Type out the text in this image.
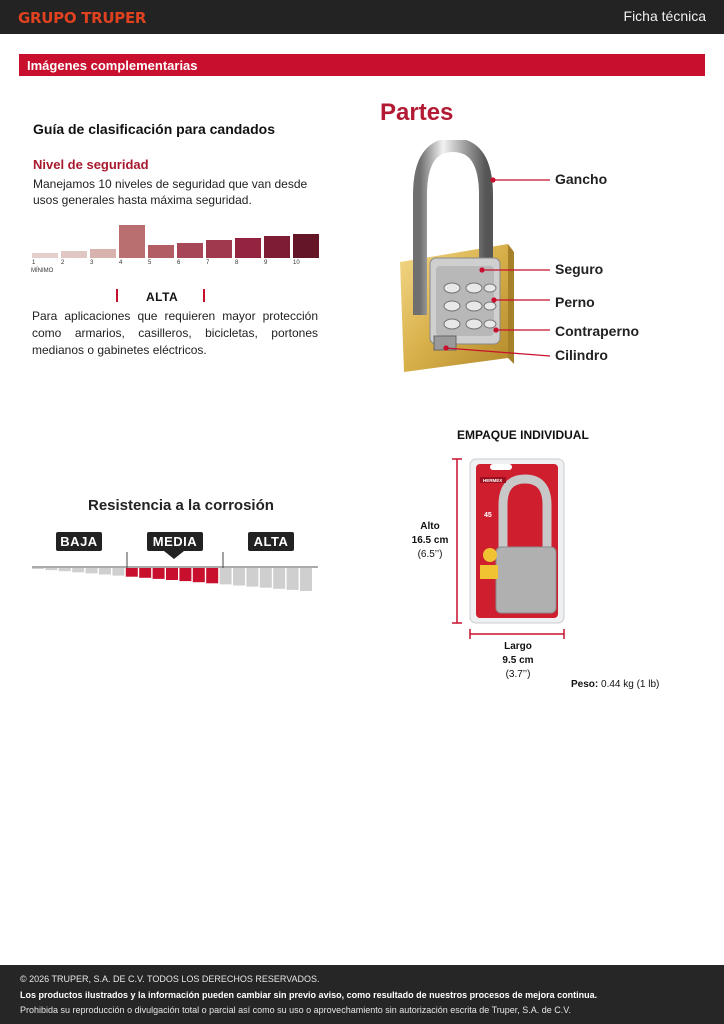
GRUPO TRUPER	Ficha técnica
Imágenes complementarias
Guía de clasificación para candados
Nivel de seguridad
Manejamos 10 niveles de seguridad que van desde usos generales hasta máxima seguridad.
1	2	3	4	5	6	7	8	9	10
MÍNIMO
ALTA
Para aplicaciones que requieren mayor protección como armarios, casilleros, bicicletas, portones medianos o gabinetes eléctricos.
Resistencia a la corrosión
BAJA	MEDIA	ALTA
Partes
Gancho
Seguro
Perno
Contraperno
Cilindro
EMPAQUE INDIVIDUAL
HERMEX
45
Alto
16.5 cm
(6.5’’)
Largo
9.5 cm
(3.7’’)
Peso: 0.44 kg (1 lb)
© 2026 TRUPER, S.A. DE C.V. TODOS LOS DERECHOS RESERVADOS.
Los productos ilustrados y la información pueden cambiar sin previo aviso, como resultado de nuestros procesos de mejora continua.
Prohibida su reproducción o divulgación total o parcial así como su uso o aprovechamiento sin autorización escrita de Truper, S.A. de C.V.
